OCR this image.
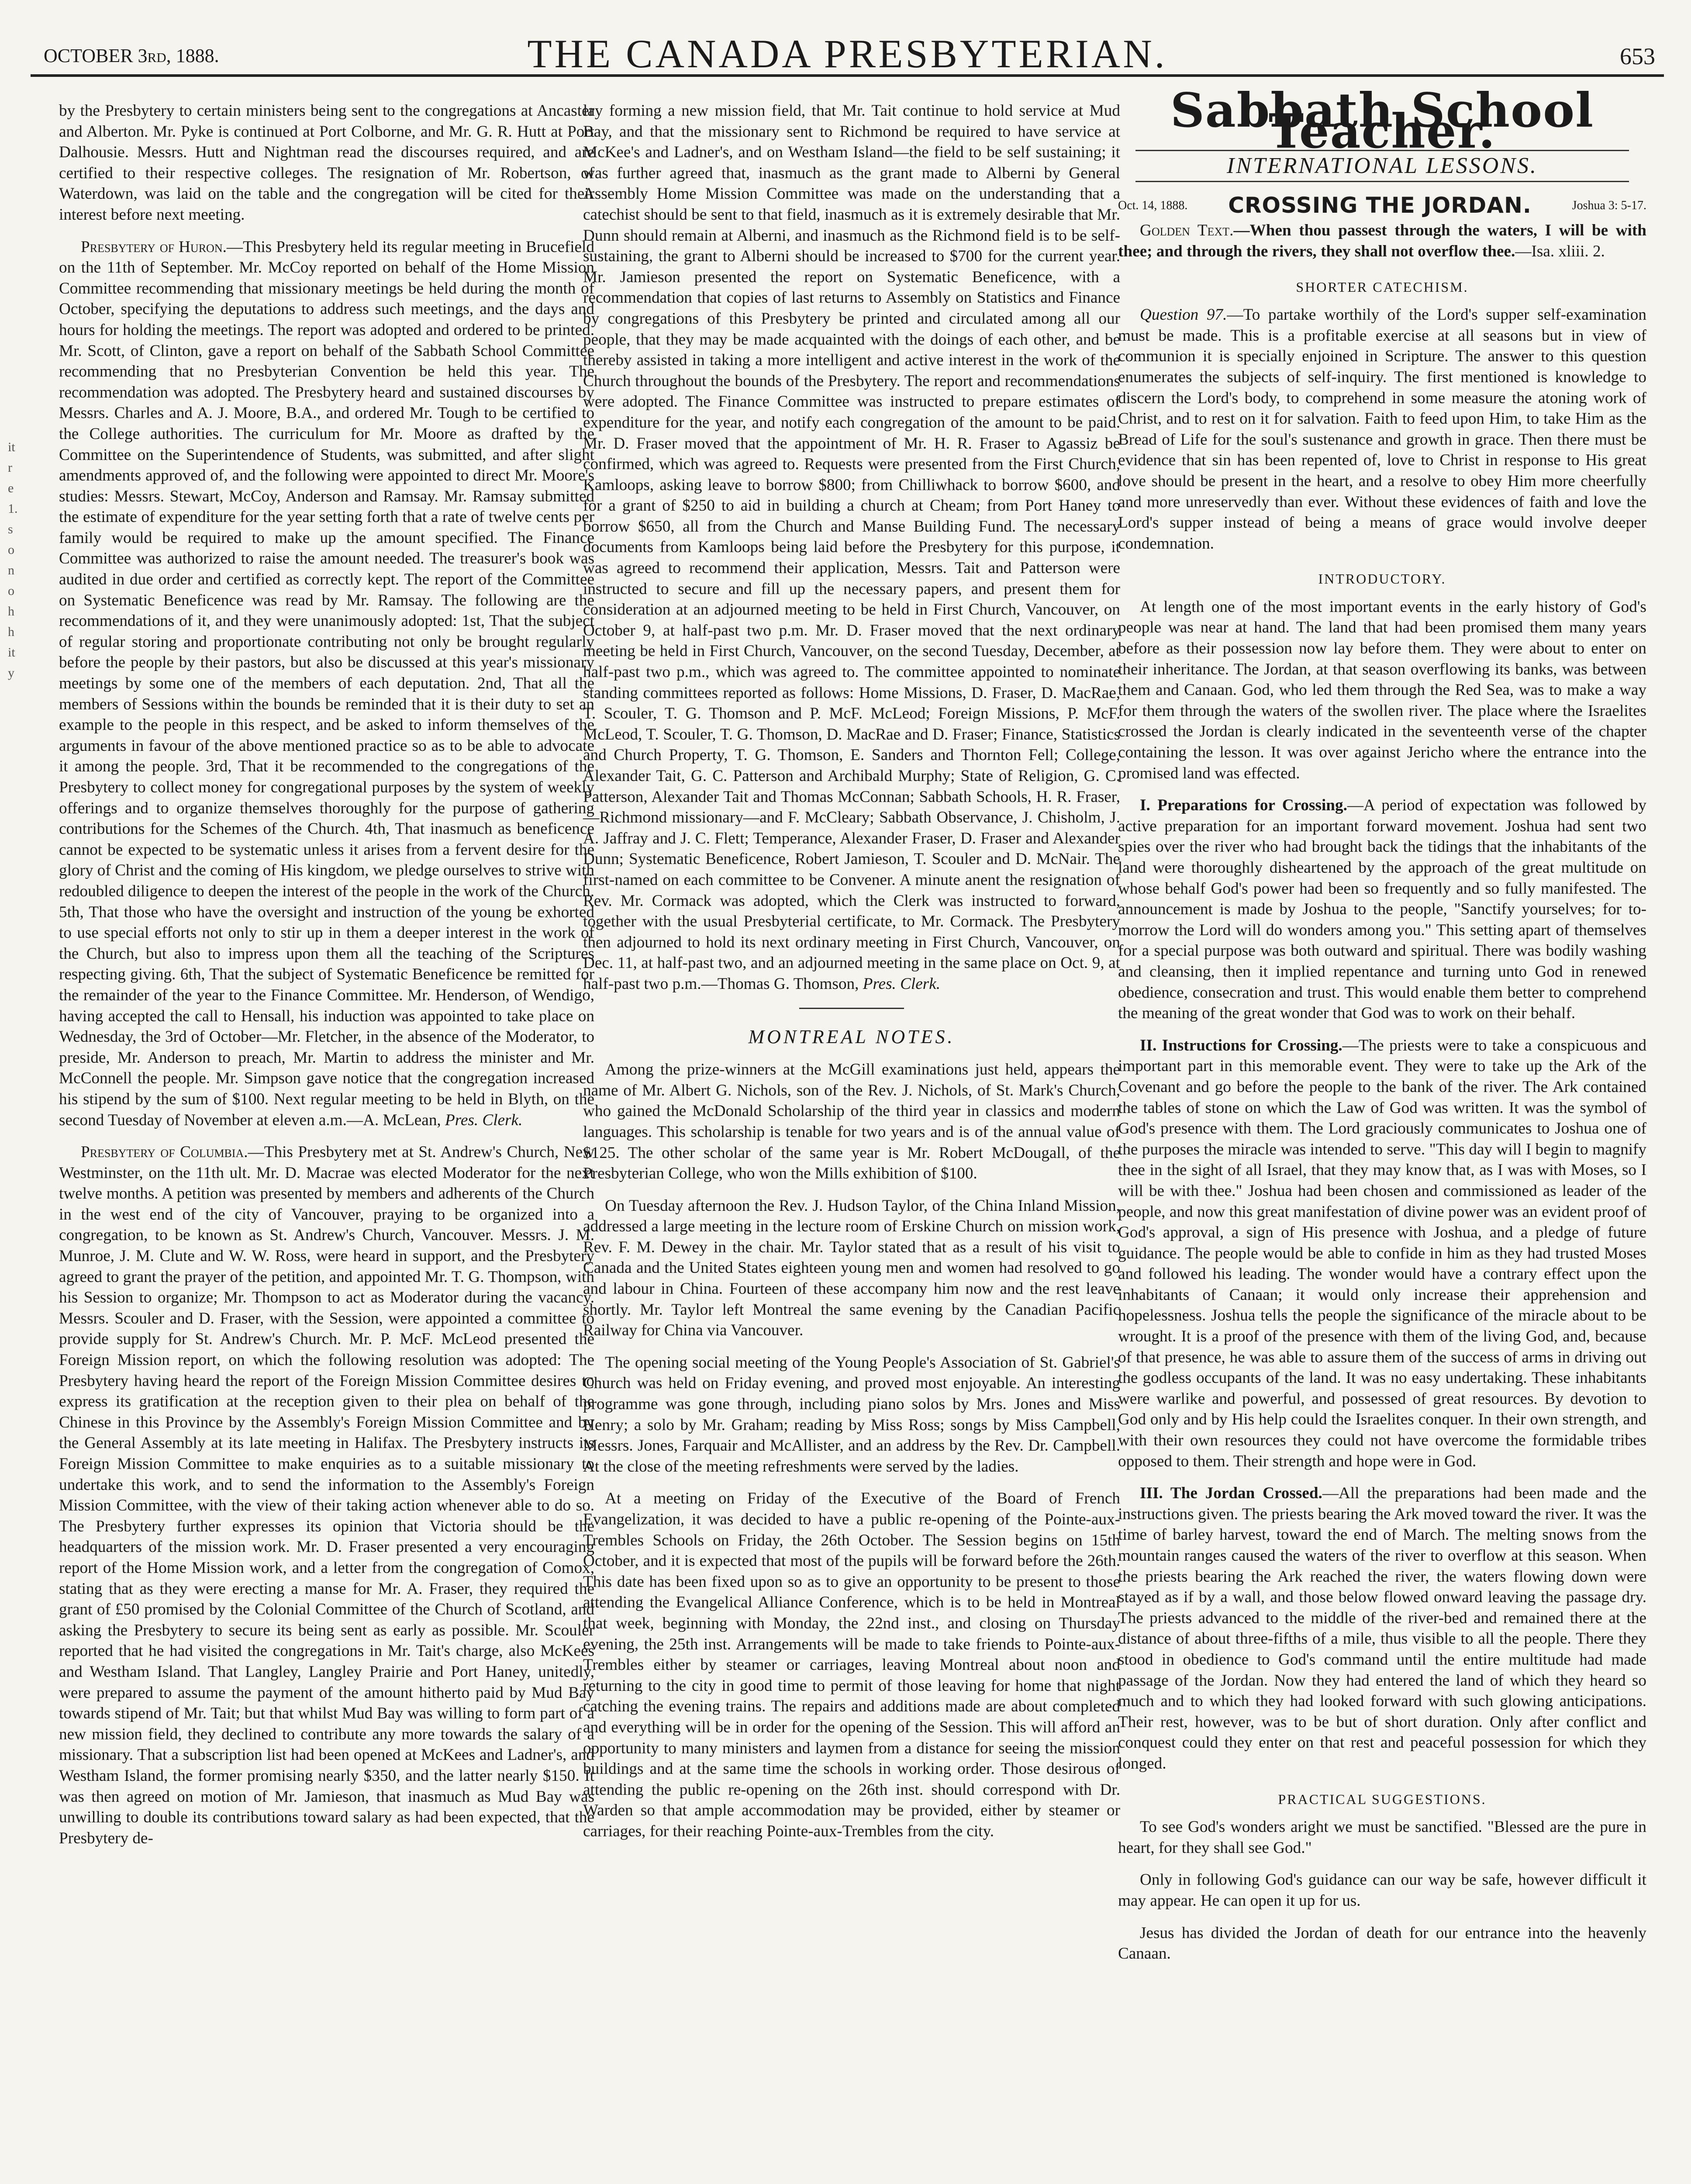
OCTOBER 3rd, 1888.	THE CANADA PRESBYTERIAN.	653
it
r
e
1.
s
o
n
o
h
h
it
y

by the Presbytery to certain ministers being sent to the congregations at Ancaster and Alberton. Mr. Pyke is continued at Port Colborne, and Mr. G. R. Hutt at Port Dalhousie. Messrs. Hutt and Nightman read the discourses required, and are certified to their respective colleges. The resignation of Mr. Robertson, of Waterdown, was laid on the table and the congregation will be cited for their interest before next meeting.

Presbytery of Huron.—This Presbytery held its regular meeting in Brucefield on the 11th of September. Mr. McCoy reported on behalf of the Home Mission Committee recommending that missionary meetings be held during the month of October, specifying the deputations to address such meetings, and the days and hours for holding the meetings. The report was adopted and ordered to be printed. Mr. Scott, of Clinton, gave a report on behalf of the Sabbath School Committee recommending that no Presbyterian Convention be held this year. The recommendation was adopted. The Presbytery heard and sustained discourses by Messrs. Charles and A. J. Moore, B.A., and ordered Mr. Tough to be certified to the College authorities. The curriculum for Mr. Moore as drafted by the Committee on the Superintendence of Students, was submitted, and after slight amendments approved of, and the following were appointed to direct Mr. Moore's studies: Messrs. Stewart, McCoy, Anderson and Ramsay. Mr. Ramsay submitted the estimate of expenditure for the year setting forth that a rate of twelve cents per family would be required to make up the amount specified. The Finance Committee was authorized to raise the amount needed. The treasurer's book was audited in due order and certified as correctly kept. The report of the Committee on Systematic Beneficence was read by Mr. Ramsay. The following are the recommendations of it, and they were unanimously adopted: 1st, That the subject of regular storing and proportionate contributing not only be brought regularly before the people by their pastors, but also be discussed at this year's missionary meetings by some one of the members of each deputation. 2nd, That all the members of Sessions within the bounds be reminded that it is their duty to set an example to the people in this respect, and be asked to inform themselves of the arguments in favour of the above mentioned practice so as to be able to advocate it among the people. 3rd, That it be recommended to the congregations of the Presbytery to collect money for congregational purposes by the system of weekly offerings and to organize themselves thoroughly for the purpose of gathering contributions for the Schemes of the Church. 4th, That inasmuch as beneficence cannot be expected to be systematic unless it arises from a fervent desire for the glory of Christ and the coming of His kingdom, we pledge ourselves to strive with redoubled diligence to deepen the interest of the people in the work of the Church. 5th, That those who have the oversight and instruction of the young be exhorted to use special efforts not only to stir up in them a deeper interest in the work of the Church, but also to impress upon them all the teaching of the Scriptures respecting giving. 6th, That the subject of Systematic Beneficence be remitted for the remainder of the year to the Finance Committee. Mr. Henderson, of Wendigo, having accepted the call to Hensall, his induction was appointed to take place on Wednesday, the 3rd of October—Mr. Fletcher, in the absence of the Moderator, to preside, Mr. Anderson to preach, Mr. Martin to address the minister and Mr. McConnell the people. Mr. Simpson gave notice that the congregation increased his stipend by the sum of $100. Next regular meeting to be held in Blyth, on the second Tuesday of November at eleven a.m.—A. McLean, Pres. Clerk.

Presbytery of Columbia.—This Presbytery met at St. Andrew's Church, New Westminster, on the 11th ult. Mr. D. Macrae was elected Moderator for the next twelve months. A petition was presented by members and adherents of the Church in the west end of the city of Vancouver, praying to be organized into a congregation, to be known as St. Andrew's Church, Vancouver. Messrs. J. M. Munroe, J. M. Clute and W. W. Ross, were heard in support, and the Presbytery agreed to grant the prayer of the petition, and appointed Mr. T. G. Thompson, with his Session to organize; Mr. Thompson to act as Moderator during the vacancy. Messrs. Scouler and D. Fraser, with the Session, were appointed a committee to provide supply for St. Andrew's Church. Mr. P. McF. McLeod presented the Foreign Mission report, on which the following resolution was adopted: The Presbytery having heard the report of the Foreign Mission Committee desires to express its gratification at the reception given to their plea on behalf of the Chinese in this Province by the Assembly's Foreign Mission Committee and by the General Assembly at its late meeting in Halifax. The Presbytery instructs its Foreign Mission Committee to make enquiries as to a suitable missionary to undertake this work, and to send the information to the Assembly's Foreign Mission Committee, with the view of their taking action whenever able to do so. The Presbytery further expresses its opinion that Victoria should be the headquarters of the mission work. Mr. D. Fraser presented a very encouraging report of the Home Mission work, and a letter from the congregation of Comox, stating that as they were erecting a manse for Mr. A. Fraser, they required the grant of £50 promised by the Colonial Committee of the Church of Scotland, and asking the Presbytery to secure its being sent as early as possible. Mr. Scouler reported that he had visited the congregations in Mr. Tait's charge, also McKees and Westham Island. That Langley, Langley Prairie and Port Haney, unitedly, were prepared to assume the payment of the amount hitherto paid by Mud Bay towards stipend of Mr. Tait; but that whilst Mud Bay was willing to form part of a new mission field, they declined to contribute any more towards the salary of a missionary. That a subscription list had been opened at McKees and Ladner's, and Westham Island, the former promising nearly $350, and the latter nearly $150. It was then agreed on motion of Mr. Jamieson, that inasmuch as Mud Bay was unwilling to double its contributions toward salary as had been expected, that the Presbytery de-

lay forming a new mission field, that Mr. Tait continue to hold service at Mud Bay, and that the missionary sent to Richmond be required to have service at McKee's and Ladner's, and on Westham Island—the field to be self sustaining; it was further agreed that, inasmuch as the grant made to Alberni by General Assembly Home Mission Committee was made on the understanding that a catechist should be sent to that field, inasmuch as it is extremely desirable that Mr. Dunn should remain at Alberni, and inasmuch as the Richmond field is to be self-sustaining, the grant to Alberni should be increased to $700 for the current year. Mr. Jamieson presented the report on Systematic Beneficence, with a recommendation that copies of last returns to Assembly on Statistics and Finance by congregations of this Presbytery be printed and circulated among all our people, that they may be made acquainted with the doings of each other, and be thereby assisted in taking a more intelligent and active interest in the work of the Church throughout the bounds of the Presbytery. The report and recommendations were adopted. The Finance Committee was instructed to prepare estimates of expenditure for the year, and notify each congregation of the amount to be paid. Mr. D. Fraser moved that the appointment of Mr. H. R. Fraser to Agassiz be confirmed, which was agreed to. Requests were presented from the First Church, Kamloops, asking leave to borrow $800; from Chilliwhack to borrow $600, and for a grant of $250 to aid in building a church at Cheam; from Port Haney to borrow $650, all from the Church and Manse Building Fund. The necessary documents from Kamloops being laid before the Presbytery for this purpose, it was agreed to recommend their application, Messrs. Tait and Patterson were instructed to secure and fill up the necessary papers, and present them for consideration at an adjourned meeting to be held in First Church, Vancouver, on October 9, at half-past two p.m. Mr. D. Fraser moved that the next ordinary meeting be held in First Church, Vancouver, on the second Tuesday, December, at half-past two p.m., which was agreed to. The committee appointed to nominate standing committees reported as follows: Home Missions, D. Fraser, D. MacRae, T. Scouler, T. G. Thomson and P. McF. McLeod; Foreign Missions, P. McF. McLeod, T. Scouler, T. G. Thomson, D. MacRae and D. Fraser; Finance, Statistics and Church Property, T. G. Thomson, E. Sanders and Thornton Fell; College, Alexander Tait, G. C. Patterson and Archibald Murphy; State of Religion, G. C. Patterson, Alexander Tait and Thomas McConnan; Sabbath Schools, H. R. Fraser,—Richmond missionary—and F. McCleary; Sabbath Observance, J. Chisholm, J. A. Jaffray and J. C. Flett; Temperance, Alexander Fraser, D. Fraser and Alexander Dunn; Systematic Beneficence, Robert Jamieson, T. Scouler and D. McNair. The first-named on each committee to be Convener. A minute anent the resignation of Rev. Mr. Cormack was adopted, which the Clerk was instructed to forward, together with the usual Presbyterial certificate, to Mr. Cormack. The Presbytery then adjourned to hold its next ordinary meeting in First Church, Vancouver, on Dec. 11, at half-past two, and an adjourned meeting in the same place on Oct. 9, at half-past two p.m.—Thomas G. Thomson, Pres. Clerk.

MONTREAL NOTES.

Among the prize-winners at the McGill examinations just held, appears the name of Mr. Albert G. Nichols, son of the Rev. J. Nichols, of St. Mark's Church, who gained the McDonald Scholarship of the third year in classics and modern languages. This scholarship is tenable for two years and is of the annual value of $125. The other scholar of the same year is Mr. Robert McDougall, of the Presbyterian College, who won the Mills exhibition of $100.

On Tuesday afternoon the Rev. J. Hudson Taylor, of the China Inland Mission, addressed a large meeting in the lecture room of Erskine Church on mission work, Rev. F. M. Dewey in the chair. Mr. Taylor stated that as a result of his visit to Canada and the United States eighteen young men and women had resolved to go and labour in China. Fourteen of these accompany him now and the rest leave shortly. Mr. Taylor left Montreal the same evening by the Canadian Pacific Railway for China via Vancouver.

The opening social meeting of the Young People's Association of St. Gabriel's Church was held on Friday evening, and proved most enjoyable. An interesting programme was gone through, including piano solos by Mrs. Jones and Miss Henry; a solo by Mr. Graham; reading by Miss Ross; songs by Miss Campbell, Messrs. Jones, Farquair and McAllister, and an address by the Rev. Dr. Campbell. At the close of the meeting refreshments were served by the ladies.

At a meeting on Friday of the Executive of the Board of French Evangelization, it was decided to have a public re-opening of the Pointe-aux-Trembles Schools on Friday, the 26th October. The Session begins on 15th October, and it is expected that most of the pupils will be forward before the 26th. This date has been fixed upon so as to give an opportunity to be present to those attending the Evangelical Alliance Conference, which is to be held in Montreal that week, beginning with Monday, the 22nd inst., and closing on Thursday evening, the 25th inst. Arrangements will be made to take friends to Pointe-aux-Trembles either by steamer or carriages, leaving Montreal about noon and returning to the city in good time to permit of those leaving for home that night catching the evening trains. The repairs and additions made are about completed and everything will be in order for the opening of the Session. This will afford an opportunity to many ministers and laymen from a distance for seeing the mission buildings and at the same time the schools in working order. Those desirous of attending the public re-opening on the 26th inst. should correspond with Dr. Warden so that ample accommodation may be provided, either by steamer or carriages, for their reaching Pointe-aux-Trembles from the city.

Sabbath School Teacher.
INTERNATIONAL LESSONS.
Oct. 14, 1888. CROSSING THE JORDAN.	Joshua 3: 5-17.

Golden Text.—When thou passest through the waters, I will be with thee; and through the rivers, they shall not overflow thee.—Isa. xliii. 2.

SHORTER CATECHISM.

Question 97.—To partake worthily of the Lord's supper self-examination must be made. This is a profitable exercise at all seasons but in view of communion it is specially enjoined in Scripture. The answer to this question enumerates the subjects of self-inquiry. The first mentioned is knowledge to discern the Lord's body, to comprehend in some measure the atoning work of Christ, and to rest on it for salvation. Faith to feed upon Him, to take Him as the Bread of Life for the soul's sustenance and growth in grace. Then there must be evidence that sin has been repented of, love to Christ in response to His great love should be present in the heart, and a resolve to obey Him more cheerfully and more unreservedly than ever. Without these evidences of faith and love the Lord's supper instead of being a means of grace would involve deeper condemnation.

INTRODUCTORY.

At length one of the most important events in the early history of God's people was near at hand. The land that had been promised them many years before as their possession now lay before them. They were about to enter on their inheritance. The Jordan, at that season overflowing its banks, was between them and Canaan. God, who led them through the Red Sea, was to make a way for them through the waters of the swollen river. The place where the Israelites crossed the Jordan is clearly indicated in the seventeenth verse of the chapter containing the lesson. It was over against Jericho where the entrance into the promised land was effected.

I. Preparations for Crossing.—A period of expectation was followed by active preparation for an important forward movement. Joshua had sent two spies over the river who had brought back the tidings that the inhabitants of the land were thoroughly disheartened by the approach of the great multitude on whose behalf God's power had been so frequently and so fully manifested. The announcement is made by Joshua to the people, "Sanctify yourselves; for to-morrow the Lord will do wonders among you." This setting apart of themselves for a special purpose was both outward and spiritual. There was bodily washing and cleansing, then it implied repentance and turning unto God in renewed obedience, consecration and trust. This would enable them better to comprehend the meaning of the great wonder that God was to work on their behalf.

II. Instructions for Crossing.—The priests were to take a conspicuous and important part in this memorable event. They were to take up the Ark of the Covenant and go before the people to the bank of the river. The Ark contained the tables of stone on which the Law of God was written. It was the symbol of God's presence with them. The Lord graciously communicates to Joshua one of the purposes the miracle was intended to serve. "This day will I begin to magnify thee in the sight of all Israel, that they may know that, as I was with Moses, so I will be with thee." Joshua had been chosen and commissioned as leader of the people, and now this great manifestation of divine power was an evident proof of God's approval, a sign of His presence with Joshua, and a pledge of future guidance. The people would be able to confide in him as they had trusted Moses and followed his leading. The wonder would have a contrary effect upon the inhabitants of Canaan; it would only increase their apprehension and hopelessness. Joshua tells the people the significance of the miracle about to be wrought. It is a proof of the presence with them of the living God, and, because of that presence, he was able to assure them of the success of arms in driving out the godless occupants of the land. It was no easy undertaking. These inhabitants were warlike and powerful, and possessed of great resources. By devotion to God only and by His help could the Israelites conquer. In their own strength, and with their own resources they could not have overcome the formidable tribes opposed to them. Their strength and hope were in God.

III. The Jordan Crossed.—All the preparations had been made and the instructions given. The priests bearing the Ark moved toward the river. It was the time of barley harvest, toward the end of March. The melting snows from the mountain ranges caused the waters of the river to overflow at this season. When the priests bearing the Ark reached the river, the waters flowing down were stayed as if by a wall, and those below flowed onward leaving the passage dry. The priests advanced to the middle of the river-bed and remained there at the distance of about three-fifths of a mile, thus visible to all the people. There they stood in obedience to God's command until the entire multitude had made passage of the Jordan. Now they had entered the land of which they heard so much and to which they had looked forward with such glowing anticipations. Their rest, however, was to be but of short duration. Only after conflict and conquest could they enter on that rest and peaceful possession for which they longed.

PRACTICAL SUGGESTIONS.

To see God's wonders aright we must be sanctified. "Blessed are the pure in heart, for they shall see God."

Only in following God's guidance can our way be safe, however difficult it may appear. He can open it up for us.

Jesus has divided the Jordan of death for our entrance into the heavenly Canaan.
